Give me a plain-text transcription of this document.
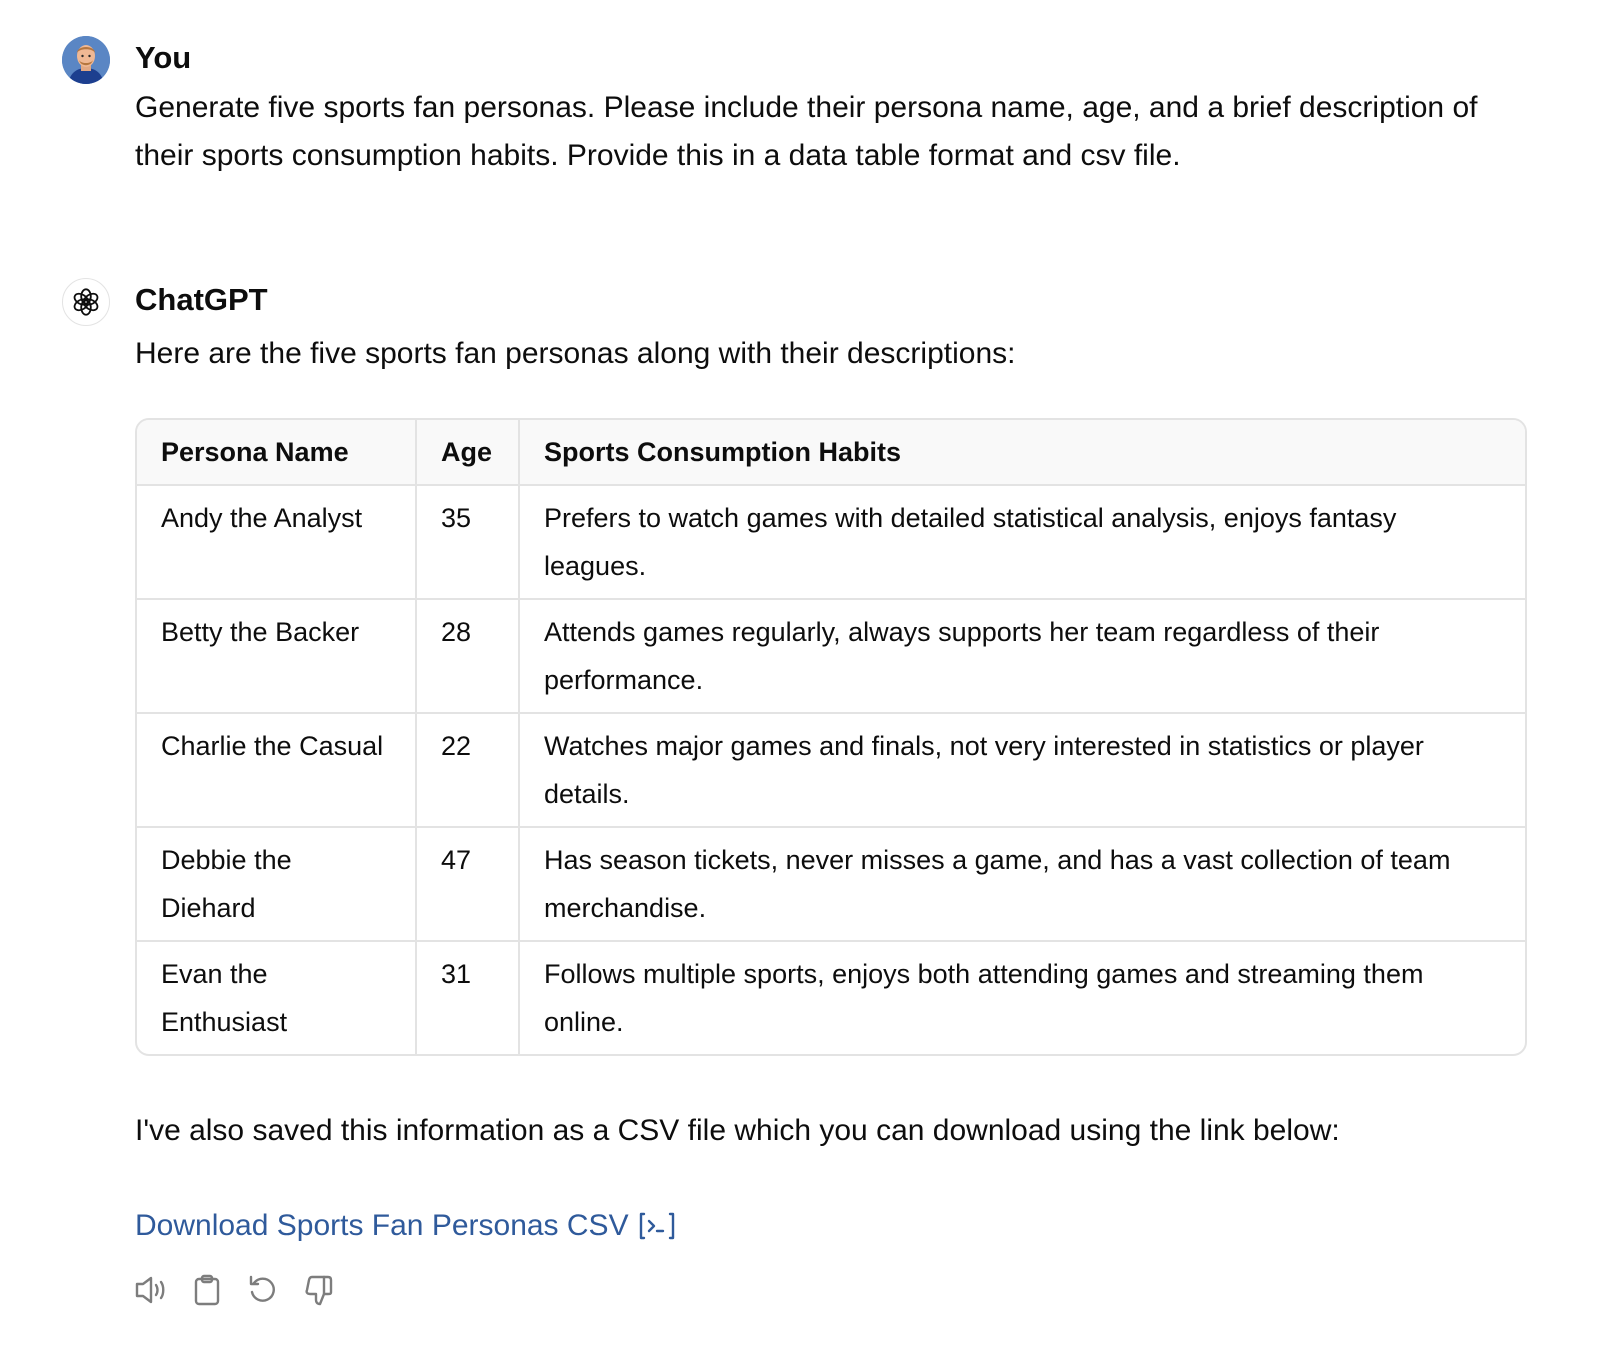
You

Generate five sports fan personas. Please include their persona name, age, and a brief description of their sports consumption habits. Provide this in a data table format and csv file.

ChatGPT

Here are the five sports fan personas along with their descriptions:

Persona Name	Age	Sports Consumption Habits
Andy the Analyst	35	Prefers to watch games with detailed statistical analysis, enjoys fantasy leagues.
Betty the Backer	28	Attends games regularly, always supports her team regardless of their performance.
Charlie the Casual	22	Watches major games and finals, not very interested in statistics or player details.
Debbie the Diehard	47	Has season tickets, never misses a game, and has a vast collection of team merchandise.
Evan the Enthusiast	31	Follows multiple sports, enjoys both attending games and streaming them online.

I've also saved this information as a CSV file which you can download using the link below:

Download Sports Fan Personas CSV
